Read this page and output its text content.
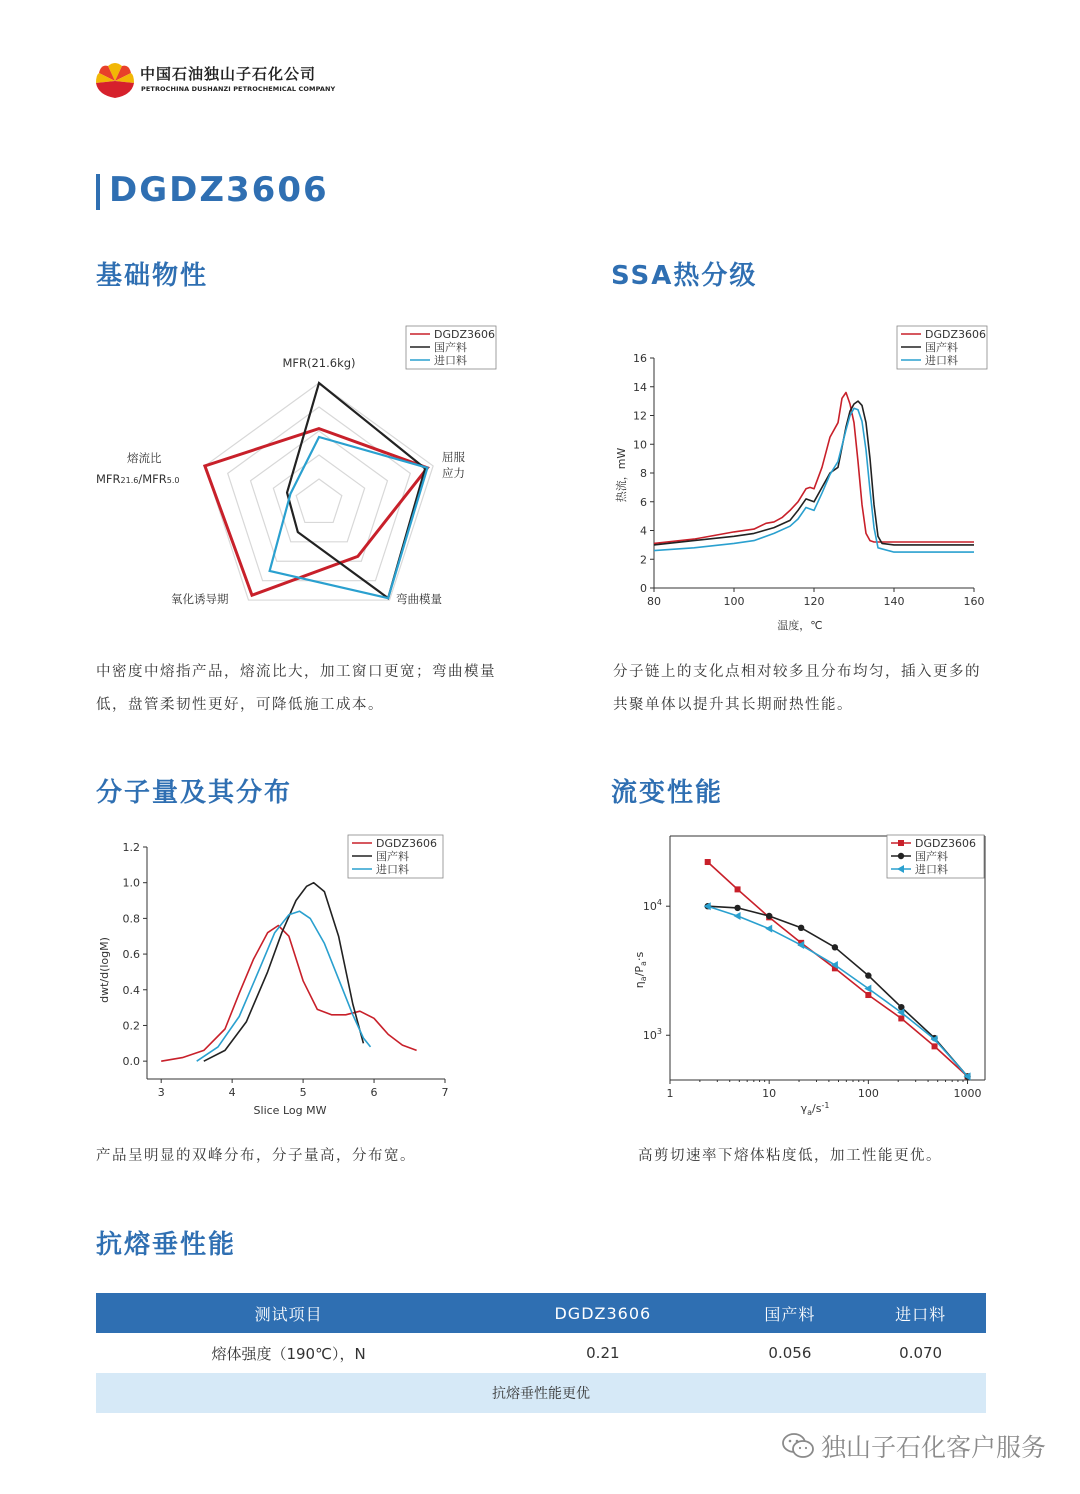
中国石油独山子石化公司
PETROCHINA DUSHANZI PETROCHEMICAL COMPANY
DGDZ3606
基础物性	SSA热分级
分子量及其分布	流变性能
抗熔垂性能
中密度中熔指产品，熔流比大，加工窗口更宽；弯曲模量
低，盘管柔韧性更好，可降低施工成本。
分子链上的支化点相对较多且分布均匀，插入更多的
共聚单体以提升其长期耐热性能。
产品呈明显的双峰分布，分子量高，分布宽。	高剪切速率下熔体粘度低，加工性能更优。
MFR(21.6kg)
屈服
应力
弯曲模量
氧化诱导期
熔流比
MFR21.6/MFR5.0
DGDZ3606
国产料
进口料
80	100	120	140	160
0
2
4
6
8
10
12
14
16
温度，℃
热流，mW
DGDZ3606
国产料
进口料
3	4	5	6	7
0.0
0.2
0.4
0.6
0.8
1.0
1.2
Slice Log MW
dwt/d(logM)
DGDZ3606
国产料
进口料
1	10	100	1000
$10^3$
$10^4$
$\gamma_a/s^{-1}$
$\eta_a/P_a\cdot s$
DGDZ3606
国产料
进口料
测试项目	DGDZ3606	国产料	进口料
熔体强度（190℃），N	0.21	0.056	0.070
抗熔垂性能更优			
独山子石化客户服务
